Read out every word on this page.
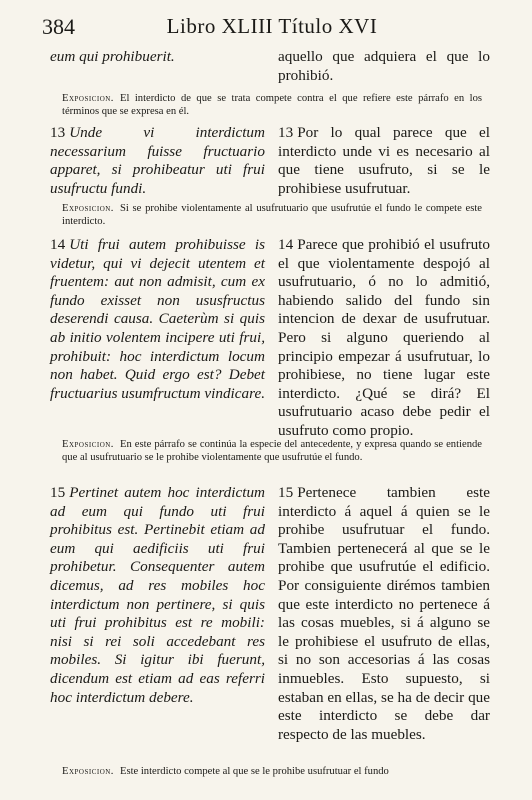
384	Libro XLIII Título XVI

eum qui prohibuerit.	aquello que adquiera el que lo prohibió.

Exposicion. El interdicto de que se trata compete contra el que refiere este párrafo en los términos que se expresa en él.

13 Unde vi interdictum necessarium fuisse fructuario apparet, si prohibeatur uti frui usufructu fundi.

13 Por lo qual parece que el interdicto unde vi es necesario al que tiene usufruto, si se le prohibiese usufrutuar.

Exposicion. Si se prohibe violentamente al usufrutuario que usufrutúe el fundo le compete este interdicto.

14 Uti frui autem prohibuisse is videtur, qui vi dejecit utentem et fruentem: aut non admisit, cum ex fundo exisset non ususfructus deserendi causa. Caeterùm si quis ab initio volentem incipere uti frui, prohibuit: hoc interdictum locum non habet. Quid ergo est? Debet fructuarius usumfructum vindicare.

14 Parece que prohibió el usufruto el que violentamente despojó al usufrutuario, ó no lo admitió, habiendo salido del fundo sin intencion de dexar de usufrutuar. Pero si alguno queriendo al principio empezar á usufrutuar, lo prohibiese, no tiene lugar este interdicto. ¿Qué se dirá? El usufrutuario acaso debe pedir el usufruto como propio.

Exposicion. En este párrafo se continúa la especie del antecedente, y expresa quando se entiende que al usufrutuario se le prohibe violentamente que usufrutúe el fundo.

15 Pertinet autem hoc interdictum ad eum qui fundo uti frui prohibitus est. Pertinebit etiam ad eum qui aedificiis uti frui prohibetur. Consequenter autem dicemus, ad res mobiles hoc interdictum non pertinere, si quis uti frui prohibitus est re mobili: nisi si rei soli accedebant res mobiles. Si igitur ibi fuerunt, dicendum est etiam ad eas referri hoc interdictum debere.

15 Pertenece tambien este interdicto á aquel á quien se le prohibe usufrutuar el fundo. Tambien pertenecerá al que se le prohibe que usufrutúe el edificio. Por consiguiente dirémos tambien que este interdicto no pertenece á las cosas muebles, si á alguno se le prohibiese el usufruto de ellas, si no son accesorias á las cosas inmuebles. Esto supuesto, si estaban en ellas, se ha de decir que este interdicto se debe dar respecto de las muebles.

Exposicion. Este interdicto compete al que se le prohibe usufrutuar el fundo
